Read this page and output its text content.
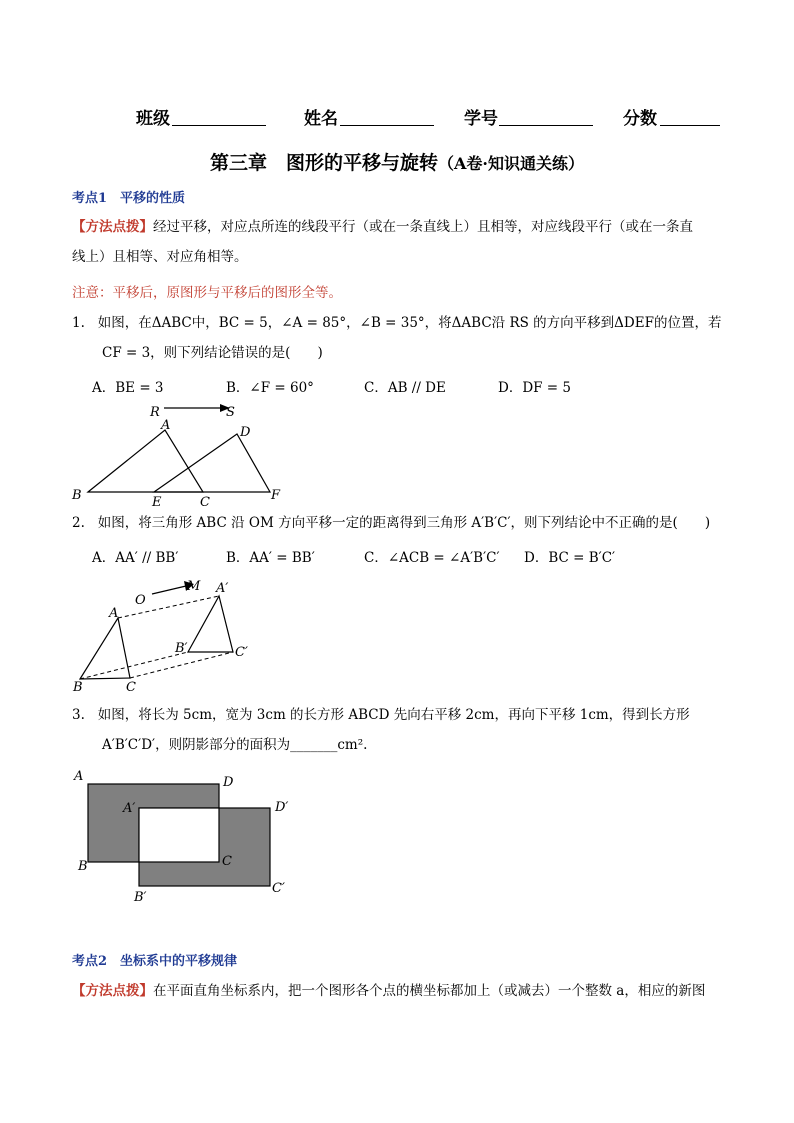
班级	姓名	学号	分数
第三章　图形的平移与旋转（A卷·知识通关练）
考点1　平移的性质
【方法点拨】经过平移，对应点所连的线段平行（或在一条直线上）且相等，对应线段平行（或在一条直
线上）且相等、对应角相等。
注意：平移后，原图形与平移后的图形全等。
1. 如图，在ΔABC中，BC = 5，∠A = 85°，∠B = 35°，将ΔABC沿 RS 的方向平移到ΔDEF的位置，若
CF = 3，则下列结论错误的是(　　)
A．BE = 3	B．∠F = 60°	C．AB // DE	D．DF = 5
R	S
A	D
B	E	C	F
2. 如图，将三角形 ABC 沿 OM 方向平移一定的距离得到三角形 A′B′C′，则下列结论中不正确的是(　　)
A．AA′ // BB′	B．AA′ = BB′	C．∠ACB = ∠A′B′C′ D．BC = B′C′
O
M
A
A′
B′	C′
B	C
3. 如图，将长为 5cm，宽为 3cm 的长方形 ABCD 先向右平移 2cm，再向下平移 1cm，得到长方形
A′B′C′D′，则阴影部分的面积为_______cm².
A	D
A′	D′
B	C
B′
C′
考点2　坐标系中的平移规律
【方法点拨】在平面直角坐标系内，把一个图形各个点的横坐标都加上（或减去）一个整数 a，相应的新图
